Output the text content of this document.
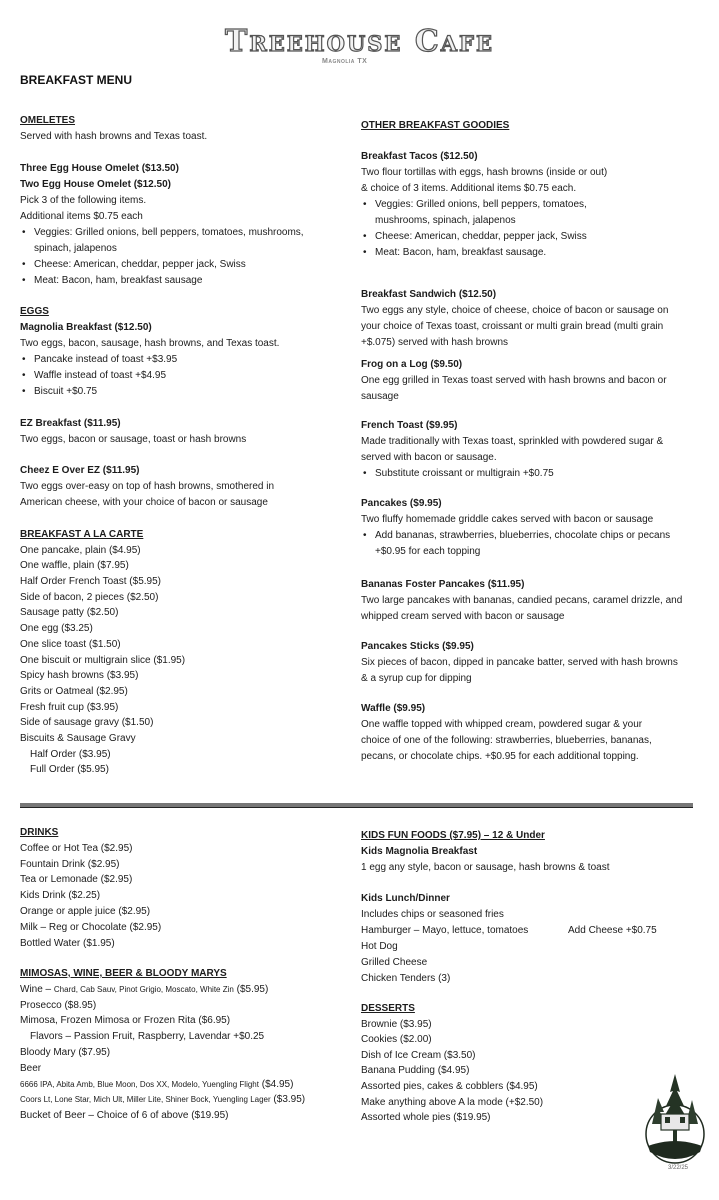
Treehouse Cafe
Magnolia TX
BREAKFAST MENU
OMELETES
Served with hash browns and Texas toast.
Three Egg House Omelet ($13.50)
Two Egg House Omelet ($12.50)
Pick 3 of the following items.
Additional items $0.75 each
• Veggies: Grilled onions, bell peppers, tomatoes, mushrooms,
spinach, jalapenos
• Cheese: American, cheddar, pepper jack, Swiss
• Meat: Bacon, ham, breakfast sausage
EGGS
Magnolia Breakfast ($12.50)
Two eggs, bacon, sausage, hash browns, and Texas toast.
• Pancake instead of toast +$3.95
• Waffle instead of toast +$4.95
• Biscuit +$0.75
EZ Breakfast ($11.95)
Two eggs, bacon or sausage, toast or hash browns
Cheez E Over EZ ($11.95)
Two eggs over-easy on top of hash browns, smothered in
American cheese, with your choice of bacon or sausage
BREAKFAST A LA CARTE
One pancake, plain ($4.95)
One waffle, plain ($7.95)
Half Order French Toast ($5.95)
Side of bacon, 2 pieces ($2.50)
Sausage patty ($2.50)
One egg ($3.25)
One slice toast ($1.50)
One biscuit or multigrain slice ($1.95)
Spicy hash browns ($3.95)
Grits or Oatmeal ($2.95)
Fresh fruit cup ($3.95)
Side of sausage gravy ($1.50)
Biscuits & Sausage Gravy
Half Order ($3.95)
Full Order ($5.95)
OTHER BREAKFAST GOODIES
Breakfast Tacos ($12.50)
Two flour tortillas with eggs, hash browns (inside or out)
& choice of 3 items. Additional items $0.75 each.
• Veggies: Grilled onions, bell peppers, tomatoes,
mushrooms, spinach, jalapenos
• Cheese: American, cheddar, pepper jack, Swiss
• Meat: Bacon, ham, breakfast sausage.
Breakfast Sandwich ($12.50)
Two eggs any style, choice of cheese, choice of bacon or sausage on
your choice of Texas toast, croissant or multi grain bread (multi grain
+$.075) served with hash browns
Frog on a Log ($9.50)
One egg grilled in Texas toast served with hash browns and bacon or
sausage
French Toast ($9.95)
Made traditionally with Texas toast, sprinkled with powdered sugar &
served with bacon or sausage.
• Substitute croissant or multigrain +$0.75
Pancakes ($9.95)
Two fluffy homemade griddle cakes served with bacon or sausage
• Add bananas, strawberries, blueberries, chocolate chips or pecans
+$0.95 for each topping
Bananas Foster Pancakes ($11.95)
Two large pancakes with bananas, candied pecans, caramel drizzle, and
whipped cream served with bacon or sausage
Pancakes Sticks ($9.95)
Six pieces of bacon, dipped in pancake batter, served with hash browns
& a syrup cup for dipping
Waffle ($9.95)
One waffle topped with whipped cream, powdered sugar & your
choice of one of the following: strawberries, blueberries, bananas,
pecans, or chocolate chips. +$0.95 for each additional topping.
DRINKS
Coffee or Hot Tea ($2.95)
Fountain Drink ($2.95)
Tea or Lemonade ($2.95)
Kids Drink ($2.25)
Orange or apple juice ($2.95)
Milk – Reg or Chocolate ($2.95)
Bottled Water ($1.95)
MIMOSAS, WINE, BEER & BLOODY MARYS
Wine – Chard, Cab Sauv, Pinot Grigio, Moscato, White Zin ($5.95)
Prosecco ($8.95)
Mimosa, Frozen Mimosa or Frozen Rita ($6.95)
Flavors – Passion Fruit, Raspberry, Lavendar +$0.25
Bloody Mary ($7.95)
Beer
6666 IPA, Abita Amb, Blue Moon, Dos XX, Modelo, Yuengling Flight ($4.95)
Coors Lt, Lone Star, Mich Ult, Miller Lite, Shiner Bock, Yuengling Lager ($3.95)
Bucket of Beer – Choice of 6 of above ($19.95)
KIDS FUN FOODS ($7.95) – 12 & Under
Kids Magnolia Breakfast
1 egg any style, bacon or sausage, hash browns & toast
Kids Lunch/Dinner
Includes chips or seasoned fries
Hamburger – Mayo, lettuce, tomatoes	Add Cheese +$0.75
Hot Dog
Grilled Cheese
Chicken Tenders (3)
DESSERTS
Brownie ($3.95)
Cookies ($2.00)
Dish of Ice Cream ($3.50)
Banana Pudding ($4.95)
Assorted pies, cakes & cobblers ($4.95)
Make anything above A la mode (+$2.50)
Assorted whole pies ($19.95)
3/22/25
